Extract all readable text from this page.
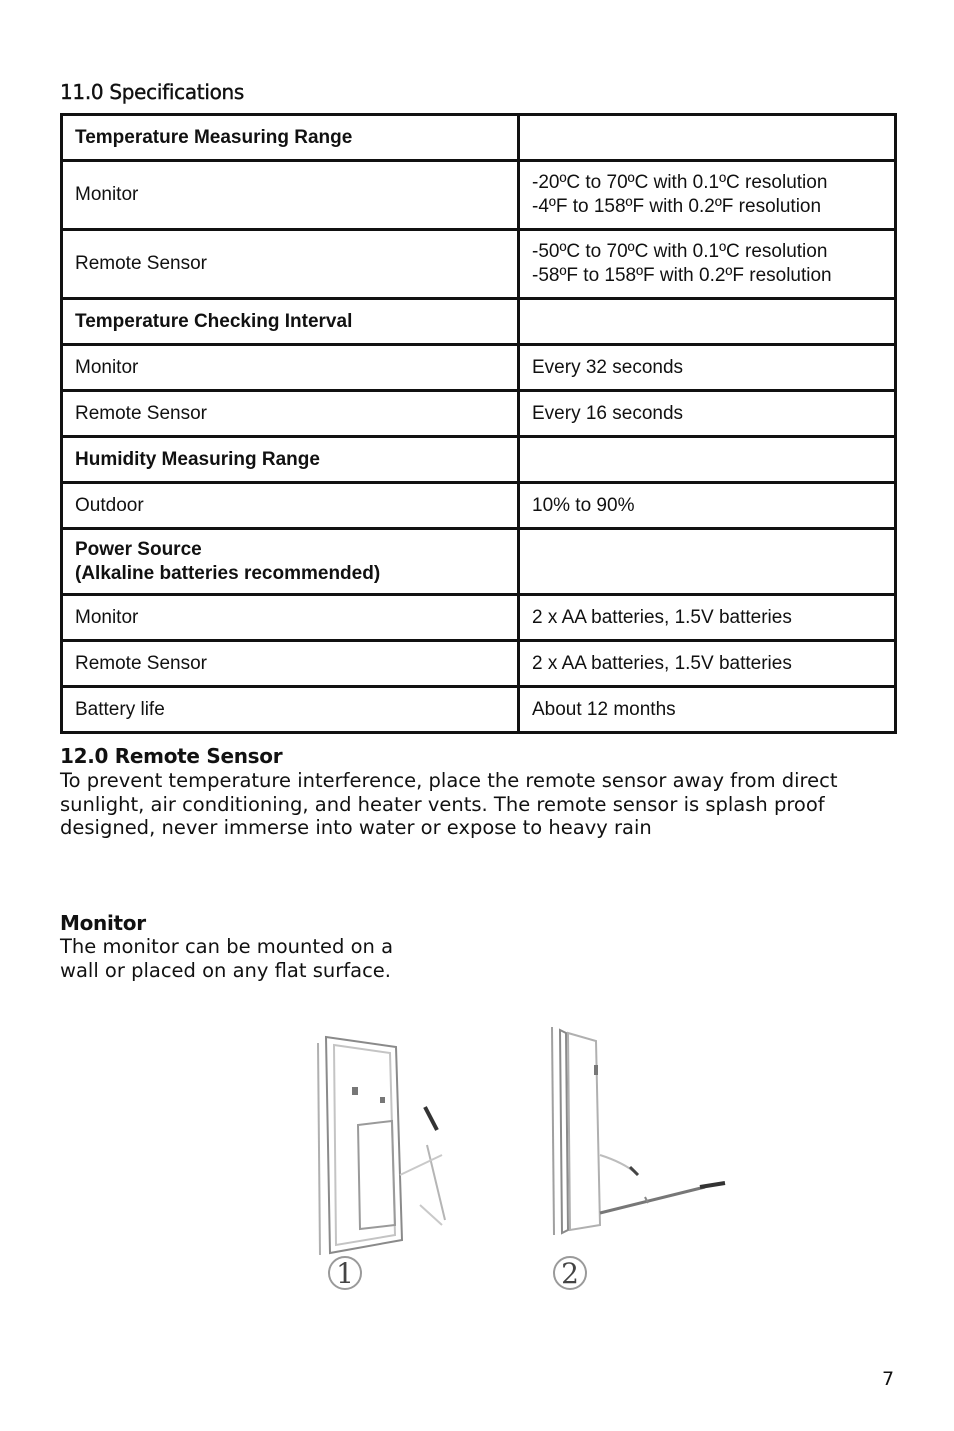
11.0 Specifications
Temperature Measuring Range	
Monitor	-20ºC to 70ºC with 0.1ºC resolution
-4ºF to 158ºF with 0.2ºF resolution
Remote Sensor	-50ºC to 70ºC with 0.1ºC resolution
-58ºF to 158ºF with 0.2ºF resolution
Temperature Checking Interval	
Monitor	Every 32 seconds
Remote Sensor	Every 16 seconds
Humidity Measuring Range	
Outdoor	10% to 90%
Power Source
(Alkaline batteries recommended)	
Monitor	2 x AA batteries, 1.5V batteries
Remote Sensor	2 x AA batteries, 1.5V batteries
Battery life	About 12 months
12.0 Remote Sensor

To prevent temperature interference, place the remote sensor away from direct
sunlight, air conditioning, and heater vents. The remote sensor is splash proof
designed, never immerse into water or expose to heavy rain

Monitor

The monitor can be mounted on a
wall or placed on any flat surface.

1	2
7
